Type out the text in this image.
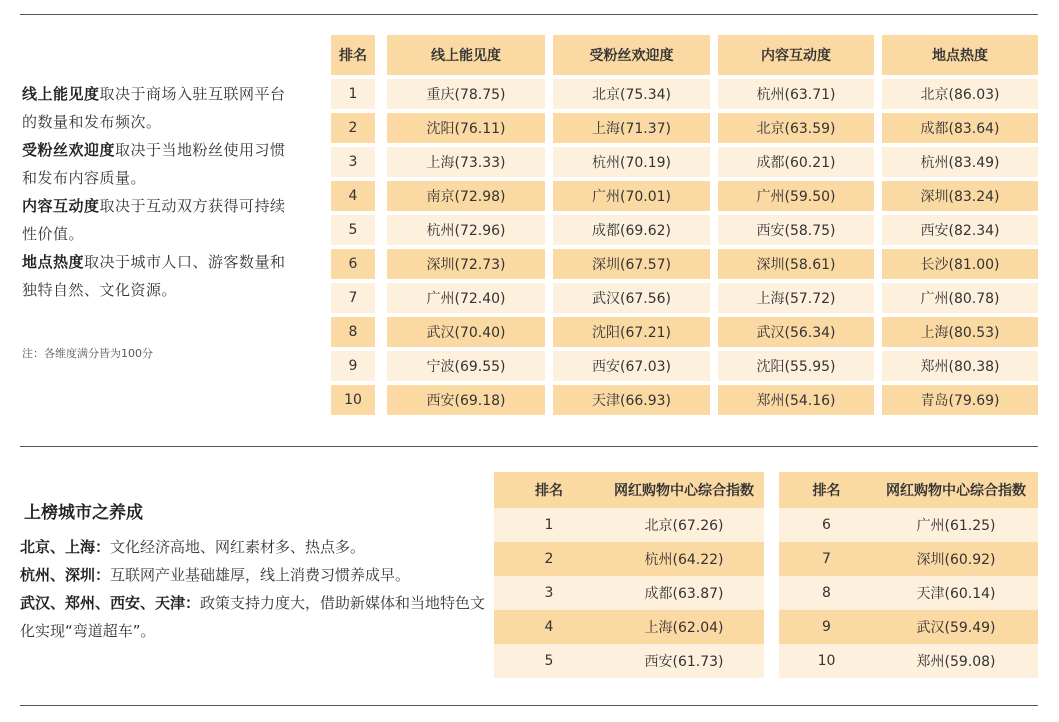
线上能见度取决于商场入驻互联网平台的数量和发布频次。
受粉丝欢迎度取决于当地粉丝使用习惯和发布内容质量。
内容互动度取决于互动双方获得可持续性价值。
地点热度取决于城市人口、游客数量和独特自然、文化资源。
注：各维度满分皆为100分
排名	线上能见度	受粉丝欢迎度	内容互动度	地点热度
1	重庆(78.75)	北京(75.34)	杭州(63.71)	北京(86.03)
2	沈阳(76.11)	上海(71.37)	北京(63.59)	成都(83.64)
3	上海(73.33)	杭州(70.19)	成都(60.21)	杭州(83.49)
4	南京(72.98)	广州(70.01)	广州(59.50)	深圳(83.24)
5	杭州(72.96)	成都(69.62)	西安(58.75)	西安(82.34)
6	深圳(72.73)	深圳(67.57)	深圳(58.61)	长沙(81.00)
7	广州(72.40)	武汉(67.56)	上海(57.72)	广州(80.78)
8	武汉(70.40)	沈阳(67.21)	武汉(56.34)	上海(80.53)
9	宁波(69.55)	西安(67.03)	沈阳(55.95)	郑州(80.38)
10	西安(69.18)	天津(66.93)	郑州(54.16)	青岛(79.69)
上榜城市之养成
北京、上海：文化经济高地、网红素材多、热点多。
杭州、深圳：互联网产业基础雄厚，线上消费习惯养成早。
武汉、郑州、西安、天津：政策支持力度大，借助新媒体和当地特色文化实现“弯道超车”。
排名	网红购物中心综合指数
1	北京(67.26)
2	杭州(64.22)
3	成都(63.87)
4	上海(62.04)
5	西安(61.73)
排名	网红购物中心综合指数
6	广州(61.25)
7	深圳(60.92)
8	天津(60.14)
9	武汉(59.49)
10	郑州(59.08)
